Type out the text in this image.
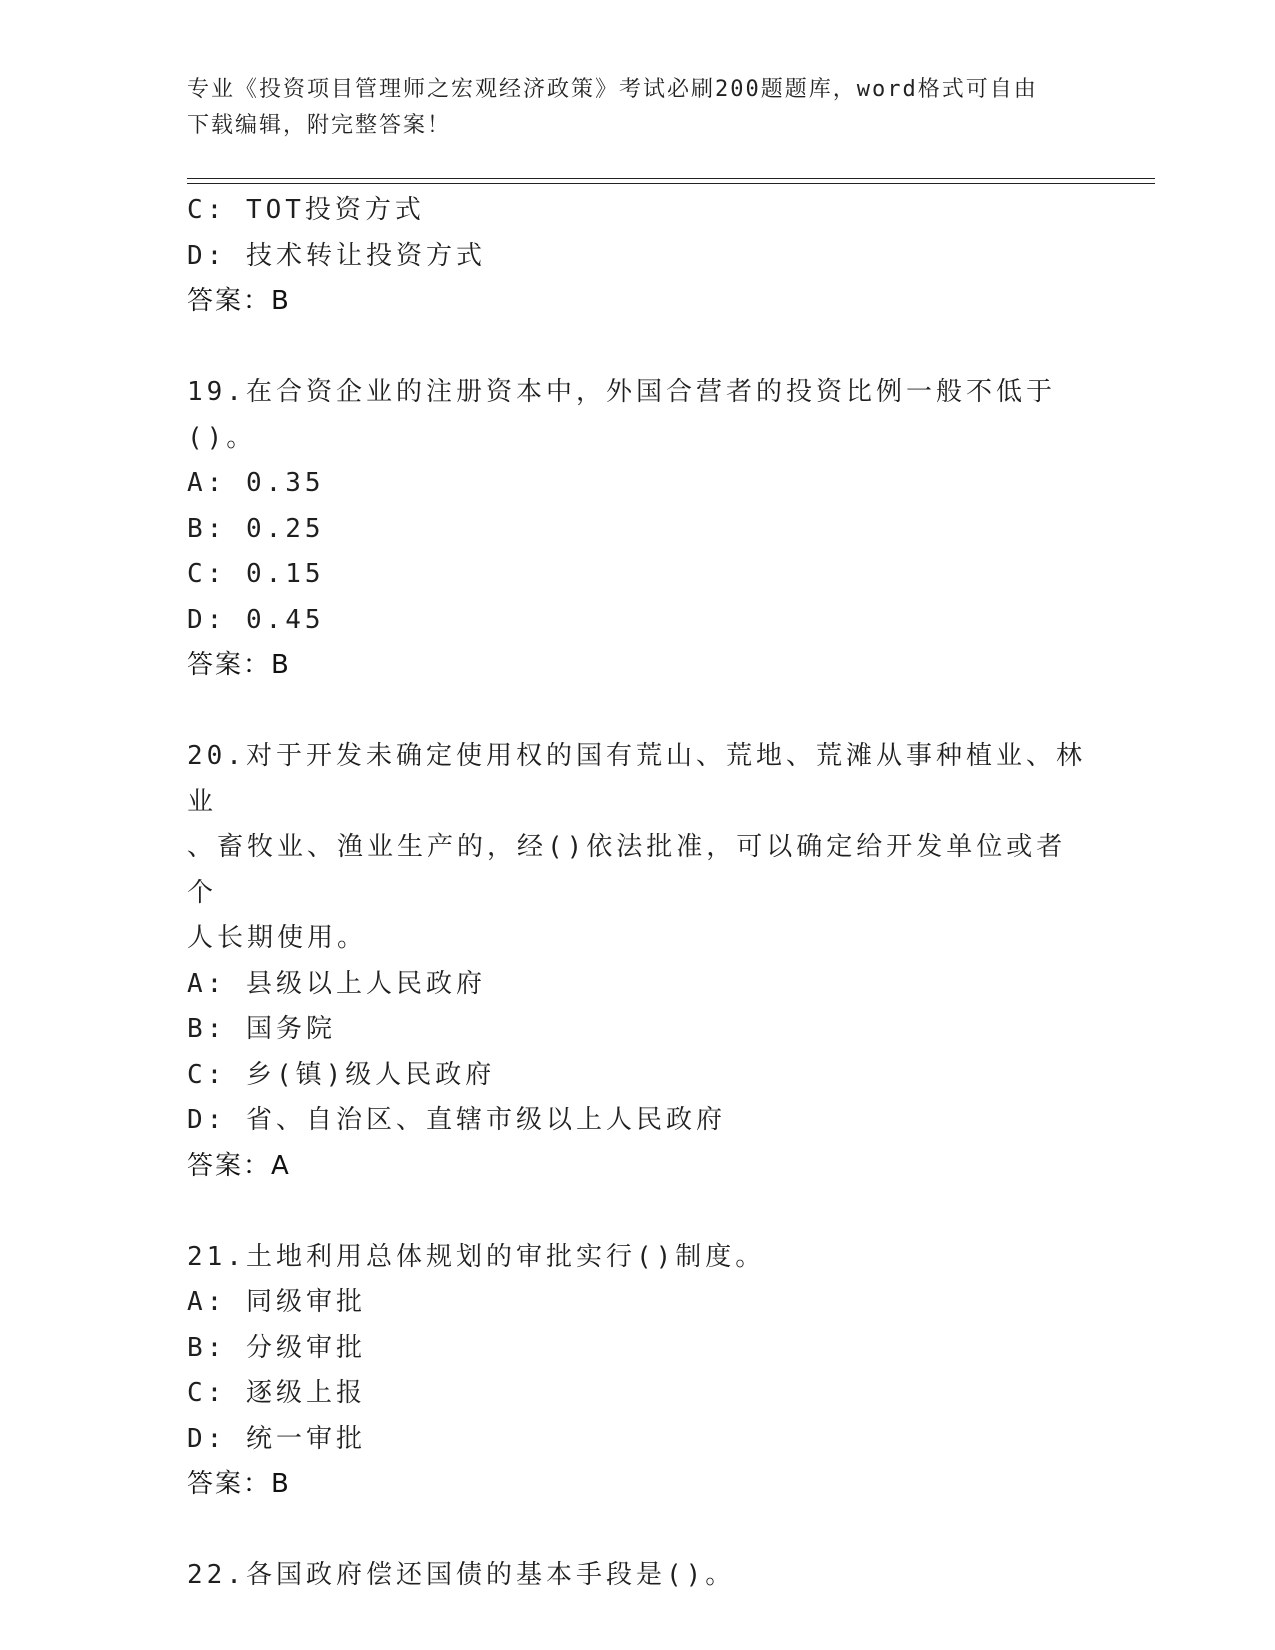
专业《投资项目管理师之宏观经济政策》考试必刷200题题库，word格式可自由
下载编辑，附完整答案！
C: TOT投资方式
D: 技术转让投资方式
答案：B
19.在合资企业的注册资本中，外国合营者的投资比例一般不低于()。
A: 0.35
B: 0.25
C: 0.15
D: 0.45
答案：B
20.对于开发未确定使用权的国有荒山、荒地、荒滩从事种植业、林业
、畜牧业、渔业生产的，经()依法批准，可以确定给开发单位或者个
人长期使用。
A: 县级以上人民政府
B: 国务院
C: 乡(镇)级人民政府
D: 省、自治区、直辖市级以上人民政府
答案：A
21.土地利用总体规划的审批实行()制度。
A: 同级审批
B: 分级审批
C: 逐级上报
D: 统一审批
答案：B
22.各国政府偿还国债的基本手段是()。
